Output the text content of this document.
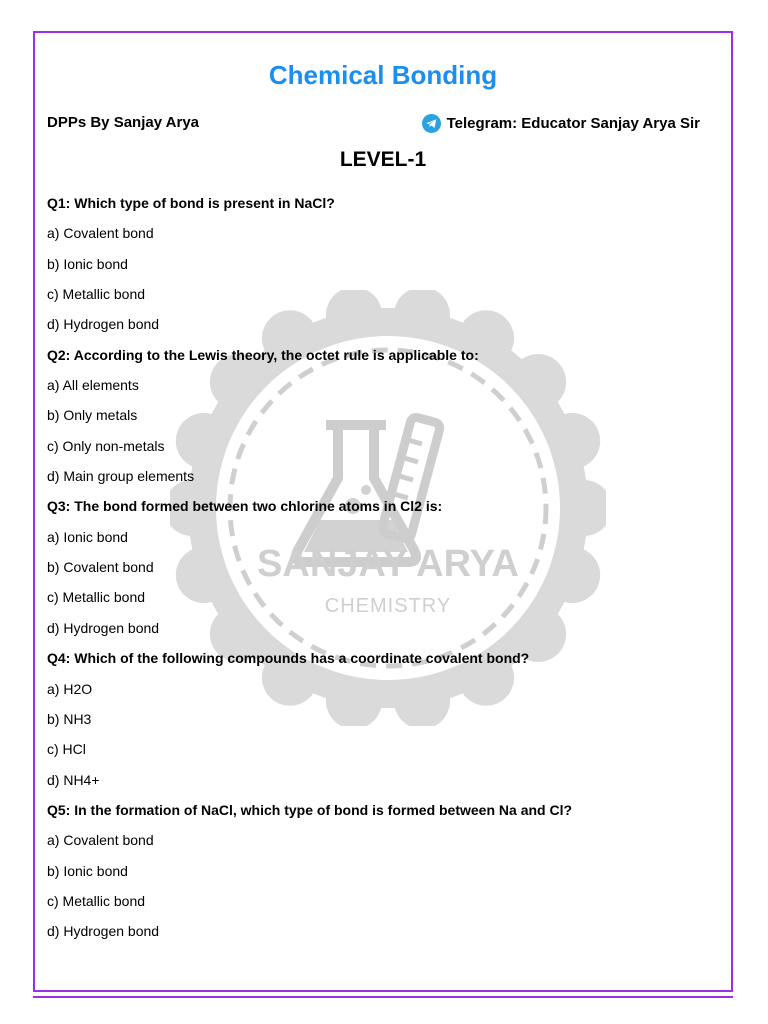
SANJAY ARYA
CHEMISTRY
Chemical Bonding
DPPs By Sanjay Arya	Telegram: Educator Sanjay Arya Sir
LEVEL-1
Q1: Which type of bond is present in NaCl?
a) Covalent bond
b) Ionic bond
c) Metallic bond
d) Hydrogen bond
Q2: According to the Lewis theory, the octet rule is applicable to:
a) All elements
b) Only metals
c) Only non-metals
d) Main group elements
Q3: The bond formed between two chlorine atoms in Cl2 is:
a) Ionic bond
b) Covalent bond
c) Metallic bond
d) Hydrogen bond
Q4: Which of the following compounds has a coordinate covalent bond?
a) H2O
b) NH3
c) HCl
d) NH4+
Q5: In the formation of NaCl, which type of bond is formed between Na and Cl?
a) Covalent bond
b) Ionic bond
c) Metallic bond
d) Hydrogen bond
